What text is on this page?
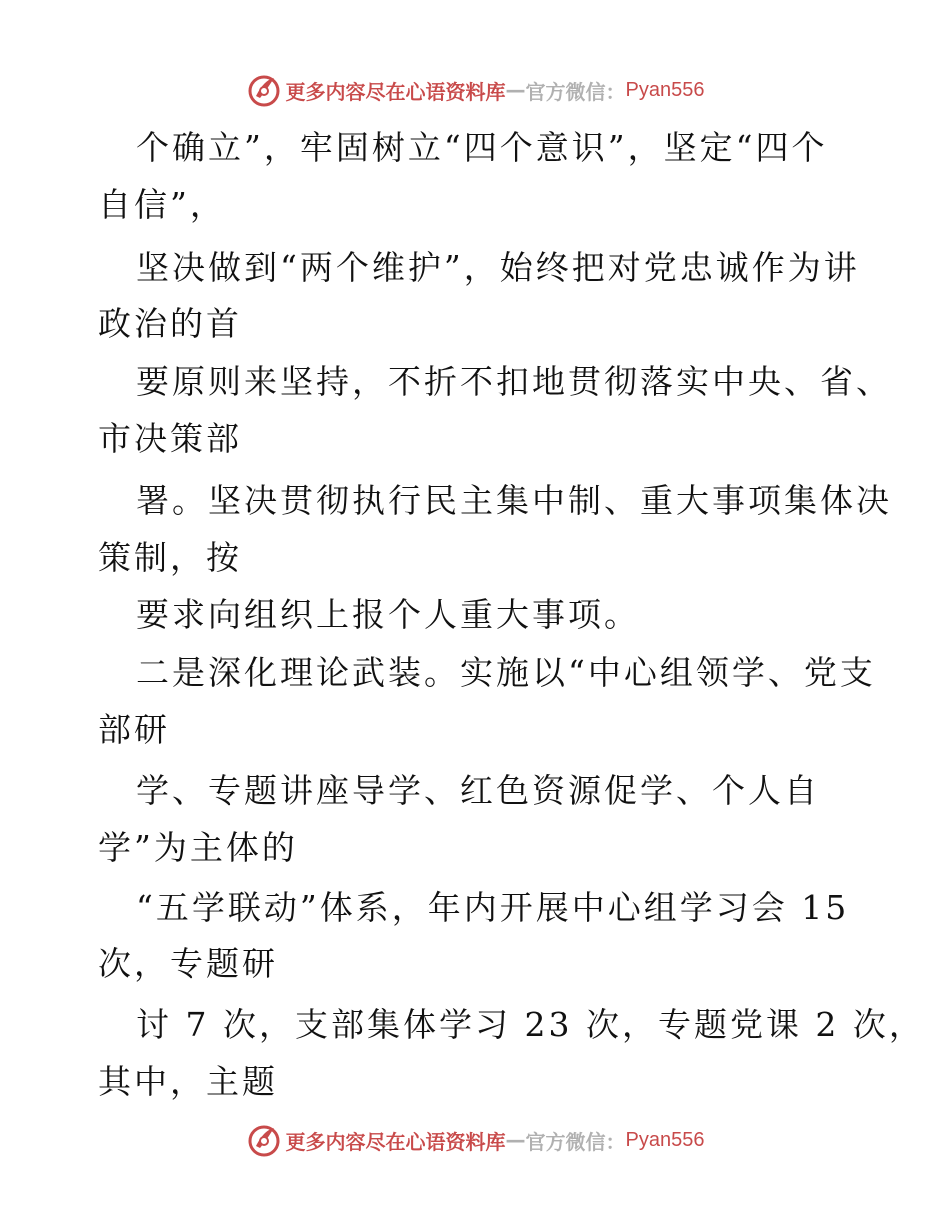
更多内容尽在心语资料库 — 官方微信： Pyan556
个确立”，牢固树立“四个意识”，坚定“四个
自信”，
坚决做到“两个维护”，始终把对党忠诚作为讲
政治的首
要原则来坚持，不折不扣地贯彻落实中央、省、
市决策部
署。坚决贯彻执行民主集中制、重大事项集体决
策制，按
要求向组织上报个人重大事项。
二是深化理论武装。实施以“中心组领学、党支
部研
学、专题讲座导学、红色资源促学、个人自
学”为主体的
“五学联动”体系，年内开展中心组学习会 15
次，专题研
讨 7 次，支部集体学习 23 次，专题党课 2 次，
其中，主题
更多内容尽在心语资料库 — 官方微信： Pyan556
